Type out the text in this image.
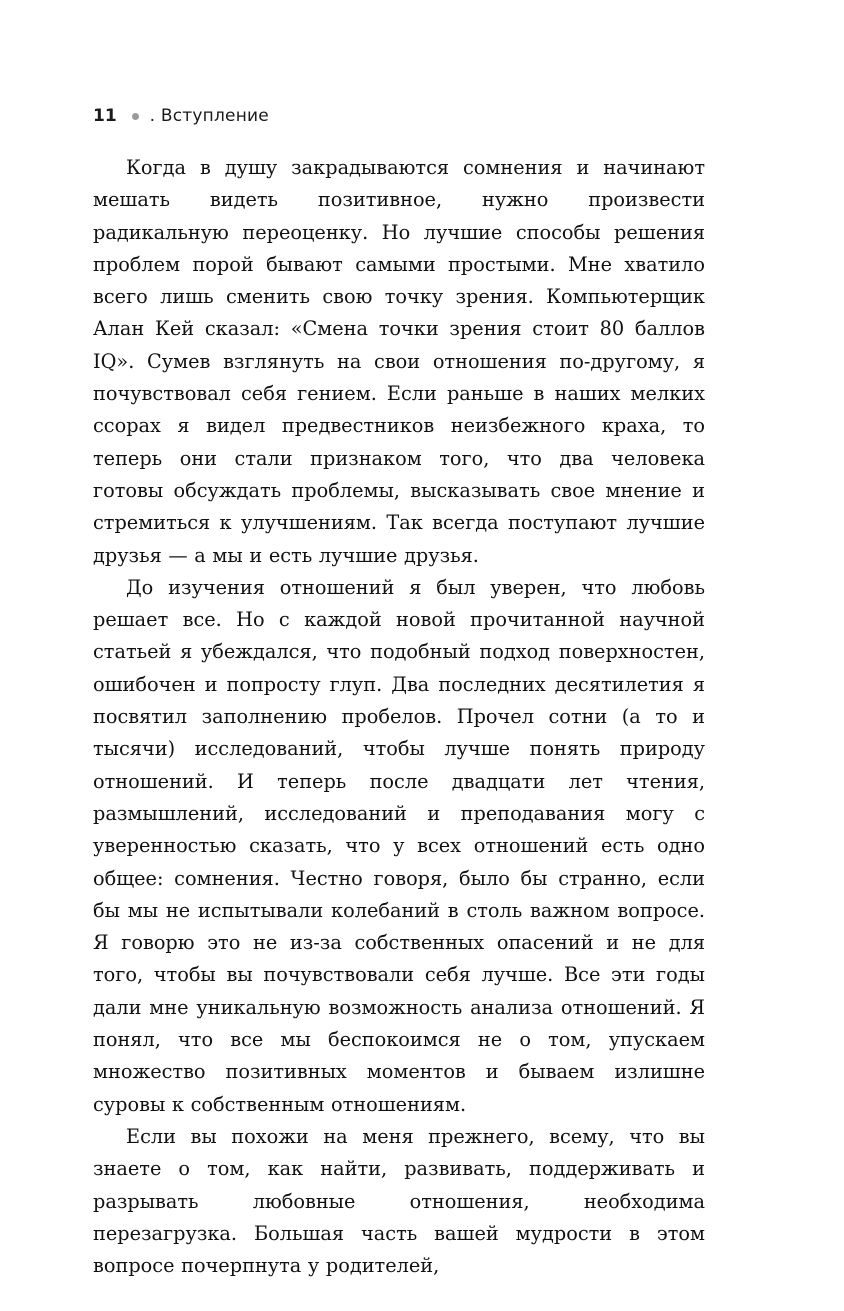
11 . Вступление

Когда в душу закрадываются сомнения и начинают мешать видеть позитивное, нужно произвести радикальную переоценку. Но лучшие способы решения проблем порой бывают самыми простыми. Мне хватило всего лишь сменить свою точку зрения. Компьютерщик Алан Кей сказал: «Смена точки зрения стоит 80 баллов IQ». Сумев взглянуть на свои отношения по-другому, я почувствовал себя гением. Если раньше в наших мелких ссорах я видел предвестников неизбежного краха, то теперь они стали признаком того, что два человека готовы обсуждать проблемы, высказывать свое мнение и стремиться к улучшениям. Так всегда поступают лучшие друзья — а мы и есть лучшие друзья.

До изучения отношений я был уверен, что любовь решает все. Но с каждой новой прочитанной научной статьей я убеждался, что подобный подход поверхностен, ошибочен и попросту глуп. Два последних десятилетия я посвятил заполнению пробелов. Прочел сотни (а то и тысячи) исследований, чтобы лучше понять природу отношений. И теперь после двадцати лет чтения, размышлений, исследований и преподавания могу с уверенностью сказать, что у всех отношений есть одно общее: сомнения. Честно говоря, было бы странно, если бы мы не испытывали колебаний в столь важном вопросе. Я говорю это не из-за собственных опасений и не для того, чтобы вы почувствовали себя лучше. Все эти годы дали мне уникальную возможность анализа отношений. Я понял, что все мы беспокоимся не о том, упускаем множество позитивных моментов и бываем излишне суровы к собственным отношениям.

Если вы похожи на меня прежнего, всему, что вы знаете о том, как найти, развивать, поддерживать и разрывать любовные отношения, необходима перезагрузка. Большая часть вашей мудрости в этом вопросе почерпнута у родителей,
